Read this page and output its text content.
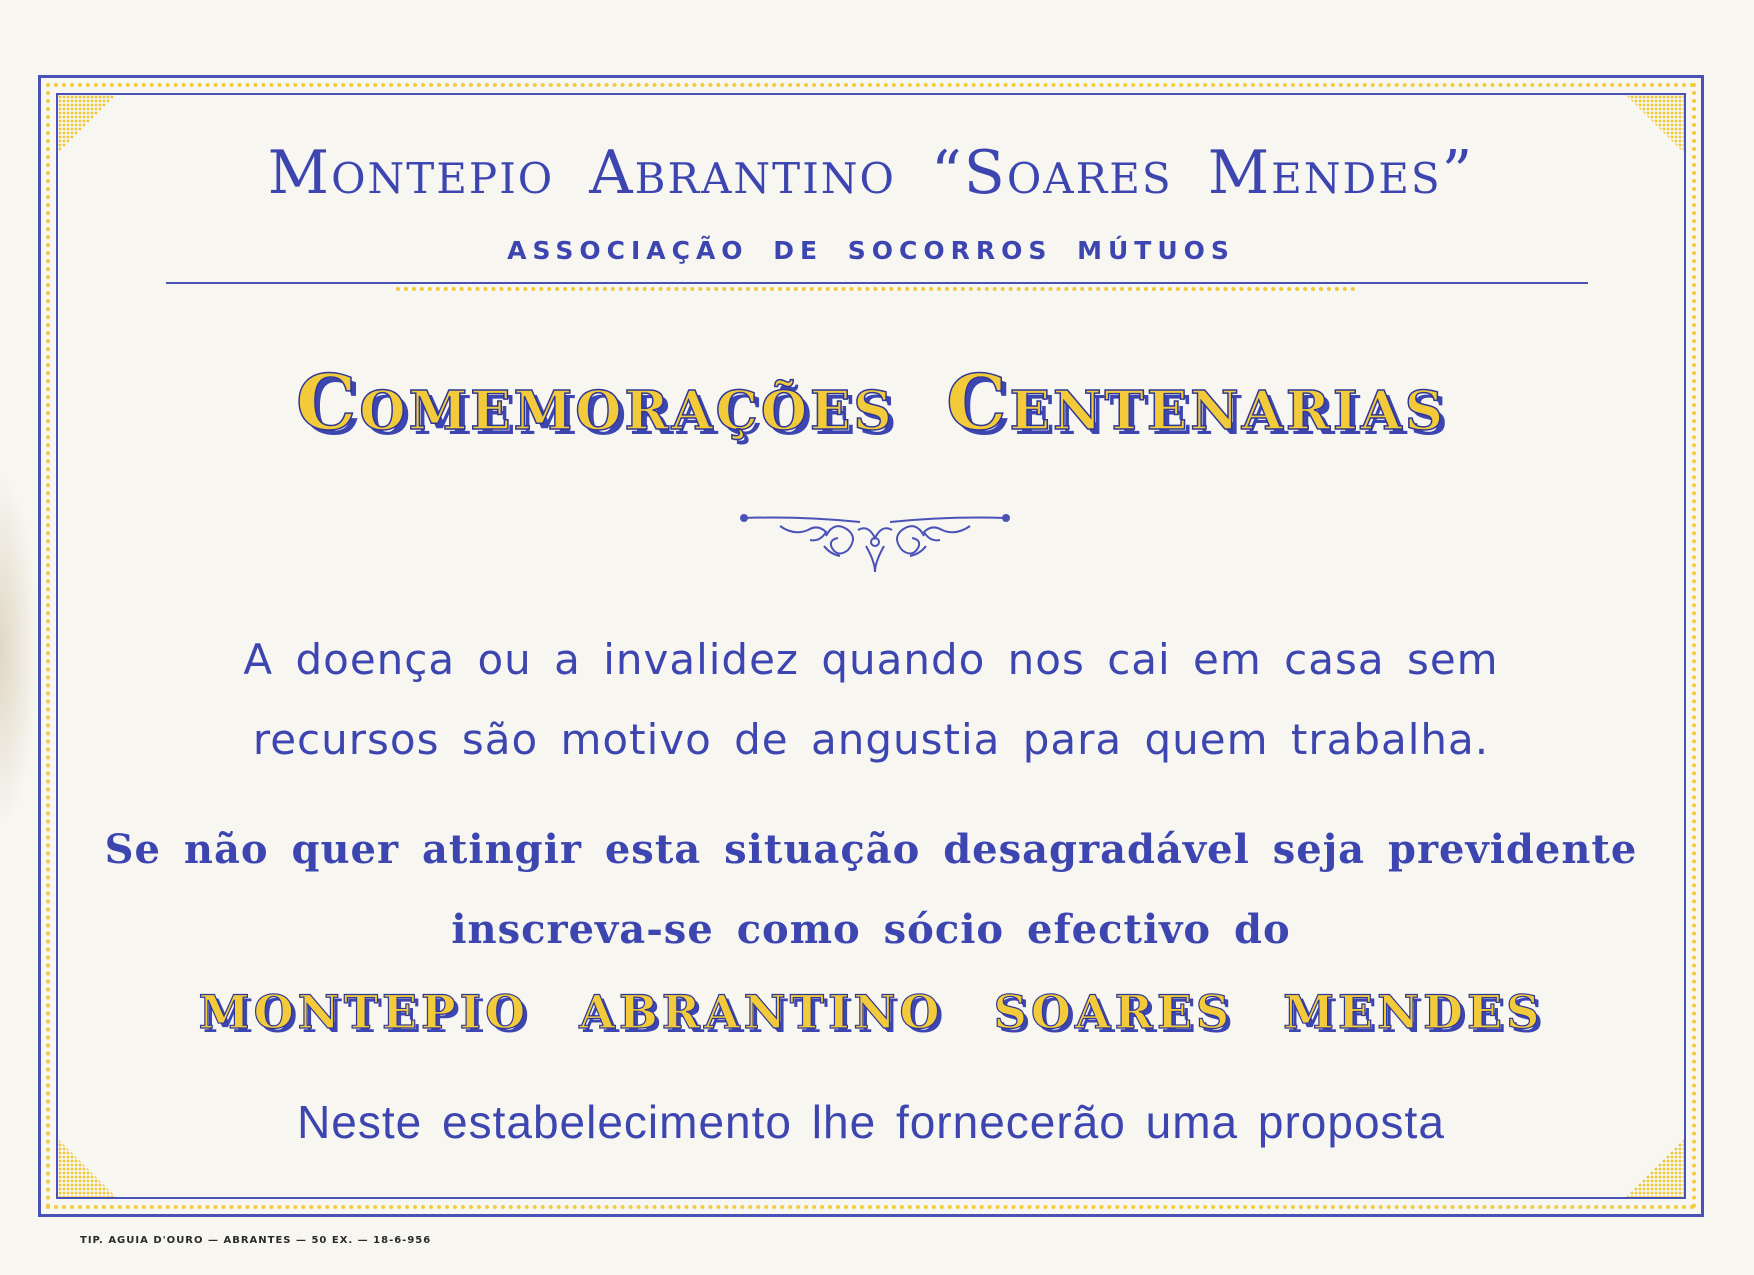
Montepio Abrantino “Soares Mendes”
ASSOCIAÇÃO DE SOCORROS MÚTUOS
Comemorações Centenarias
A doença ou a invalidez quando nos cai em casa sem
recursos são motivo de angustia para quem trabalha.
Se não quer atingir esta situação desagradável seja previdente
inscreva-se como sócio efectivo do
MONTEPIO ABRANTINO SOARES MENDES
Neste estabelecimento lhe fornecerão uma proposta
TIP. AGUIA D'OURO — ABRANTES — 50 EX. — 18-6-956
